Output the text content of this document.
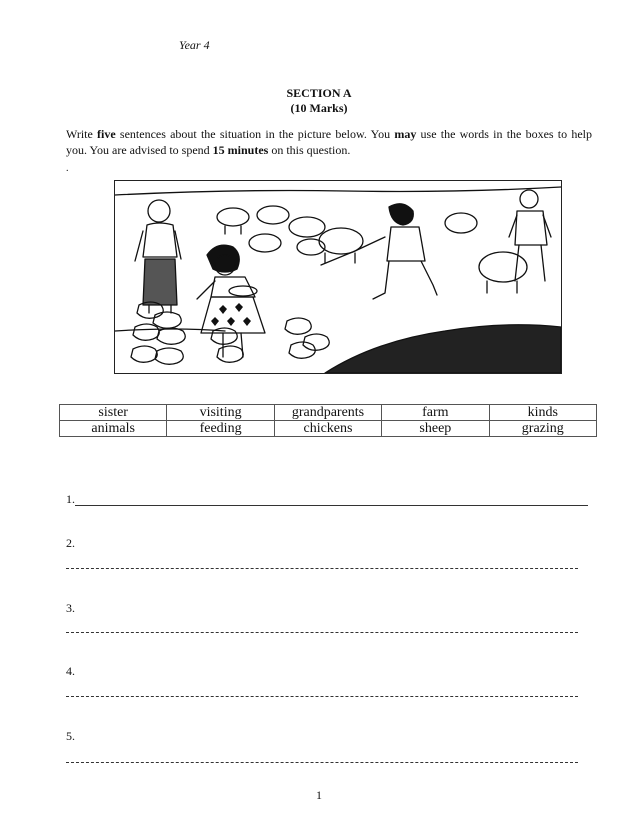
Year 4
SECTION A
(10 Marks)
Write five sentences about the situation in the picture below. You may use the words in the boxes to help you. You are advised to spend 15 minutes on this question.
.
sister	visiting	grandparents	farm	kinds
animals	feeding	chickens	sheep	grazing
1.
2.
3.
4.
5.
1
